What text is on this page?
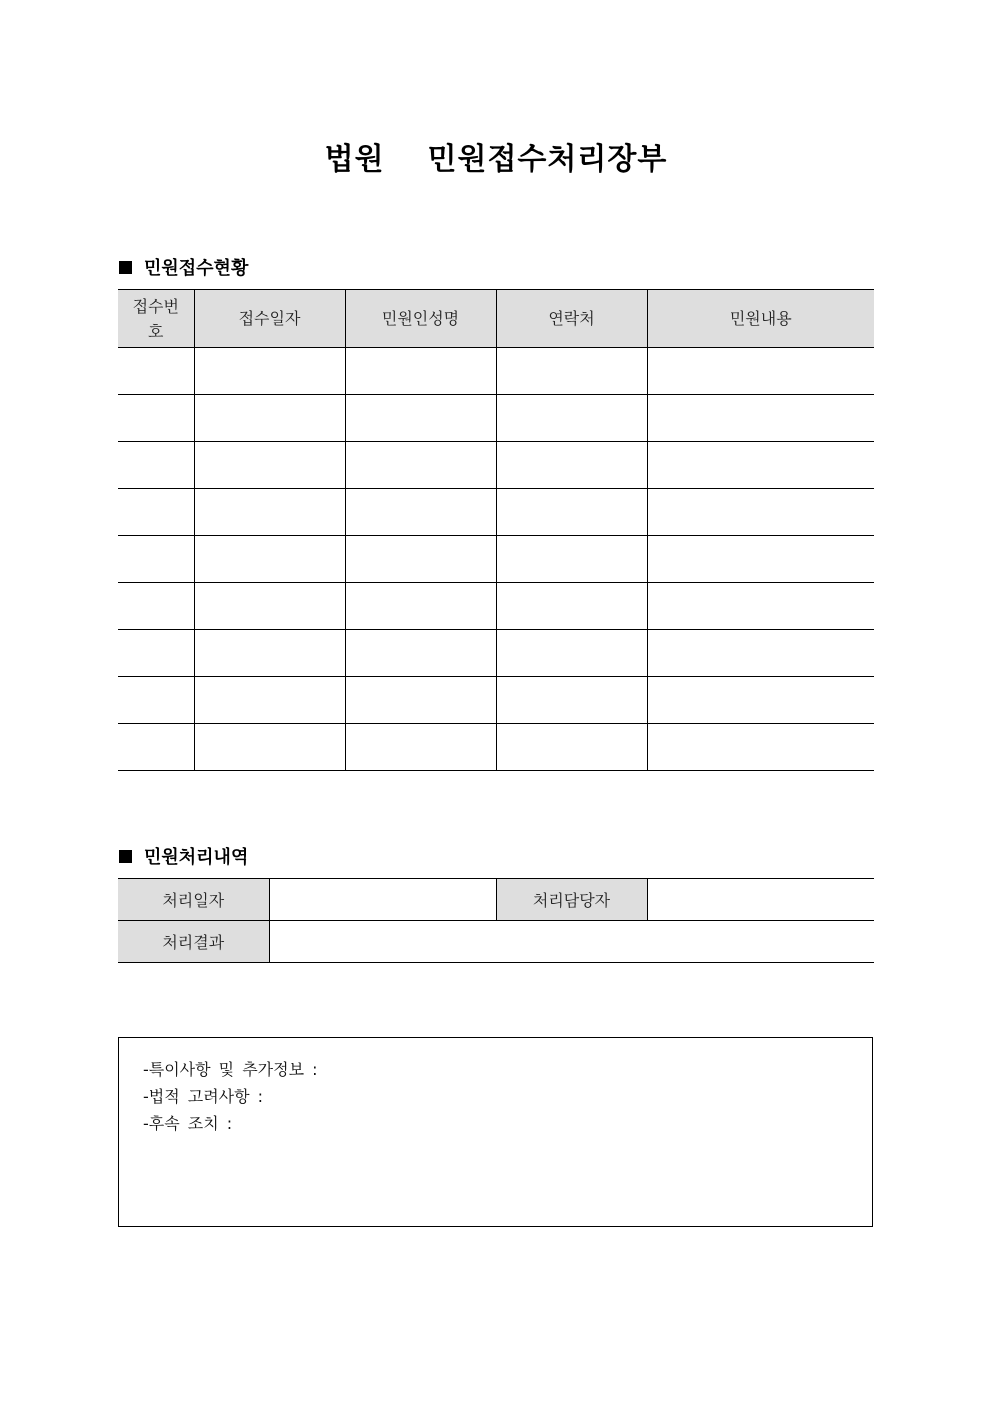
법원  민원접수처리장부
민원접수현황
접수번호	접수일자	민원인성명	연락처	민원내용

민원처리내역
처리일자		처리담당자	
처리결과			
-특이사항 및 추가정보 :
-법적 고려사항 :
-후속 조치 :
